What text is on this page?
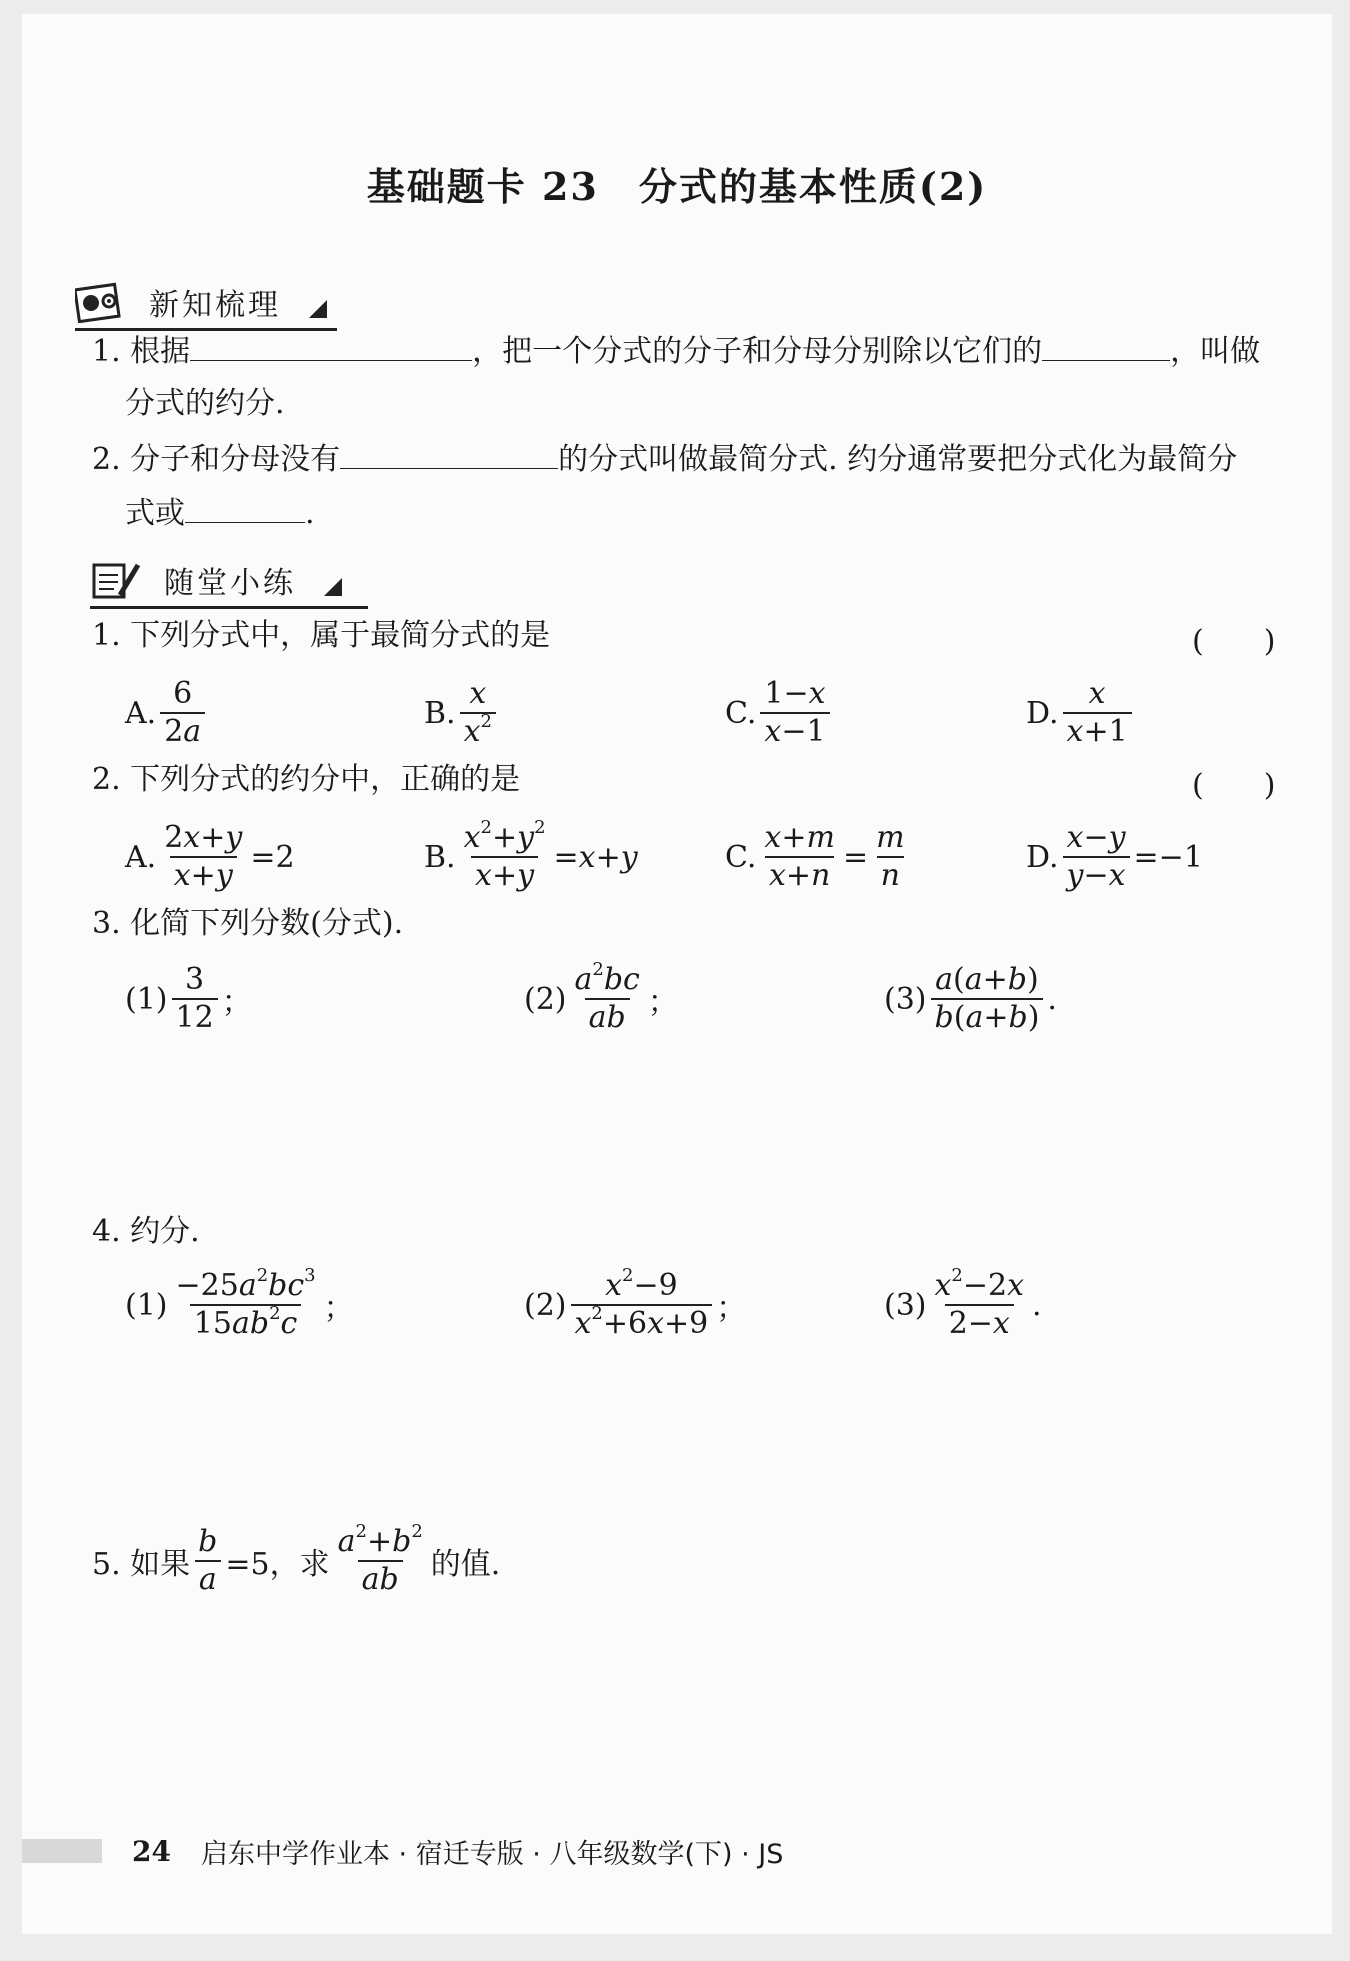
基础题卡 23　分式的基本性质(2)
新知梳理
1. 根据	，把一个分式的分子和分母分别除以它们的	，叫做
分式的约分.
2. 分子和分母没有	的分式叫做最简分式. 约分通常要把分式化为最简分
式或	.
随堂小练
1. 下列分式中，属于最简分式的是	(　　)
A. $\frac{6}{2a}$	B. $\frac{x}{x^2}$	C. $\frac{1-x}{x-1}$	D. $\frac{x}{x+1}$
2. 下列分式的约分中，正确的是	(　　)
A. $\frac{2x+y}{x+y} =2$	B. $\frac{x^2+y^2}{x+y} =x+y$	C. $\frac{x+m}{x+n} = \frac{m}{n}$	D. $\frac{x-y}{y-x} =-1$
3. 化简下列分数(分式).
$(1) \frac{3}{12}$ ；	$(2) \frac{a^2bc}{ab}$ ；	$(3) \frac{a(a+b)}{b(a+b)}$ .
4. 约分.
$(1) \frac{-25a^2bc^3}{15ab^2c}$ ；	$(2) \frac{x^2-9}{x^2+6x+9}$ ；	$(3) \frac{x^2-2x}{2-x}$ .
5. 如果 $\frac{b}{a} =5$，求 $\frac{a^2+b^2}{ab}$ 的值.
24 启东中学作业本 · 宿迁专版 · 八年级数学(下) · JS
